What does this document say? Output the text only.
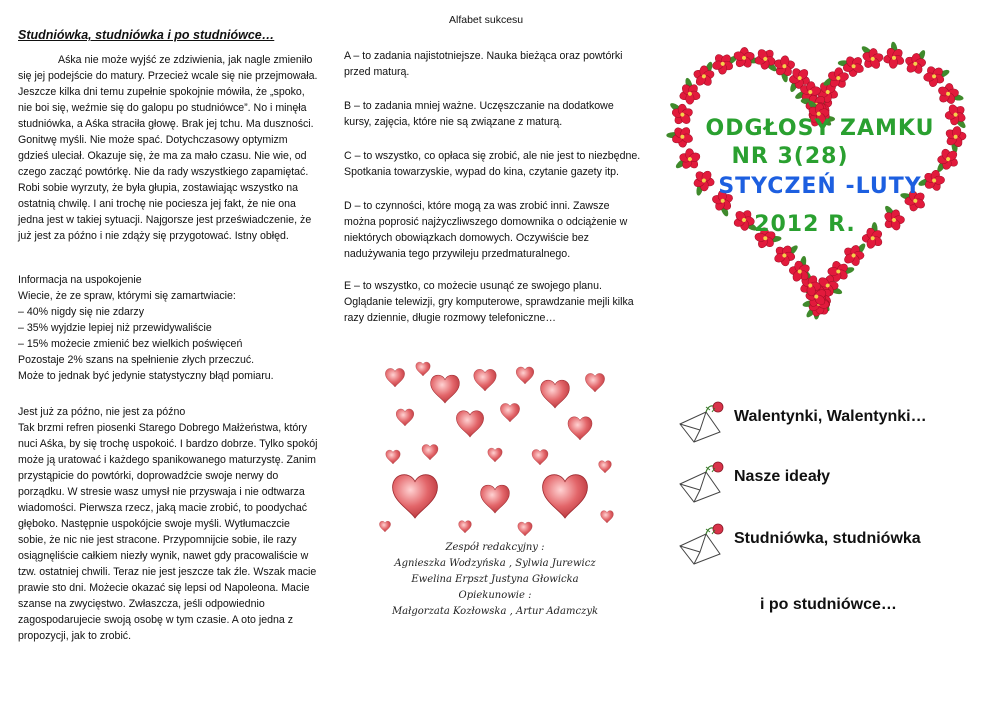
Studniówka, studniówka i po studniówce…

Aśka nie może wyjść ze zdziwienia, jak nagle zmieniło się jej podejście do matury. Przecież wcale się nie przejmowała. Jeszcze kilka dni temu zupełnie spokojnie mówiła, że „spoko, nie boi się, weźmie się do galopu po studniówce”. No i minęła studniówka, a Aśka straciła głowę. Brak jej tchu. Ma duszności. Gonitwę myśli. Nie może spać. Dotychczasowy optymizm gdzieś uleciał. Okazuje się, że ma za mało czasu. Nie wie, od czego zacząć powtórkę. Nie da rady wszystkiego zapamiętać. Robi sobie wyrzuty, że była głupia, zostawiając wszystko na ostatnią chwilę. I ani trochę nie pociesza jej fakt, że nie ona jedna jest w takiej sytuacji. Najgorsze jest przeświadczenie, że już jest za późno i nie zdąży się przygotować. Istny obłęd.

Informacja na uspokojenie

Wiecie, że ze spraw, którymi się zamartwiacie:

– 40% nigdy się nie zdarzy

– 35% wyjdzie lepiej niż przewidywaliście

– 15% możecie zmienić bez wielkich poświęceń

Pozostaje 2% szans na spełnienie złych przeczuć.

Może to jednak być jedynie statystyczny błąd pomiaru.

Jest już za późno, nie jest za późno

Tak brzmi refren piosenki Starego Dobrego Małżeństwa, który nuci Aśka, by się trochę uspokoić. I bardzo dobrze. Tylko spokój może ją uratować i każdego spanikowanego maturzystę. Zanim przystąpicie do powtórki, doprowadźcie swoje nerwy do porządku. W stresie wasz umysł nie przyswaja i nie odtwarza wiadomości. Pierwsza rzecz, jaką macie zrobić, to poodychać głęboko. Następnie uspokójcie swoje myśli. Wytłumaczcie sobie, że nic nie jest stracone. Przypomnijcie sobie, ile razy osiągnęliście całkiem niezły wynik, nawet gdy pracowaliście w tzw. ostatniej chwili. Teraz nie jest jeszcze tak źle. Wszak macie prawie sto dni. Możecie okazać się lepsi od Napoleona. Macie szanse na zwycięstwo. Zwłaszcza, jeśli odpowiednio zagospodarujecie swoją osobę w tym czasie. A oto jedna z propozycji, jak to zrobić.

Alfabet sukcesu

A – to zadania najistotniejsze. Nauka bieżąca oraz powtórki przed maturą.

B – to zadania mniej ważne. Uczęszczanie na dodatkowe kursy, zajęcia, które nie są związane z maturą.

C – to wszystko, co opłaca się zrobić, ale nie jest to niezbędne. Spotkania towarzyskie, wypad do kina, czytanie gazety itp.

D – to czynności, które mogą za was zrobić inni. Zawsze można poprosić najżyczliwszego domownika o odciążenie w niektórych obowiązkach domowych. Oczywiście bez nadużywania tego przywileju przedmaturalnego.

E – to wszystko, co możecie usunąć ze swojego planu. Oglądanie telewizji, gry komputerowe, sprawdzanie mejli kilka razy dziennie, długie rozmowy telefoniczne…

Zespół redakcyjny :
Agnieszka Wodzyńska , Sylwia Jurewicz
Ewelina Erpszt Justyna Głowicka
Opiekunowie :
Małgorzata Kozłowska , Artur Adamczyk
ODGŁOSY ZAMKU
NR 3(28)
STYCZEŃ -LUTY
2012 R.
Walentynki, Walentynki…
Nasze ideały
Studniówka, studniówka
i po studniówce…
